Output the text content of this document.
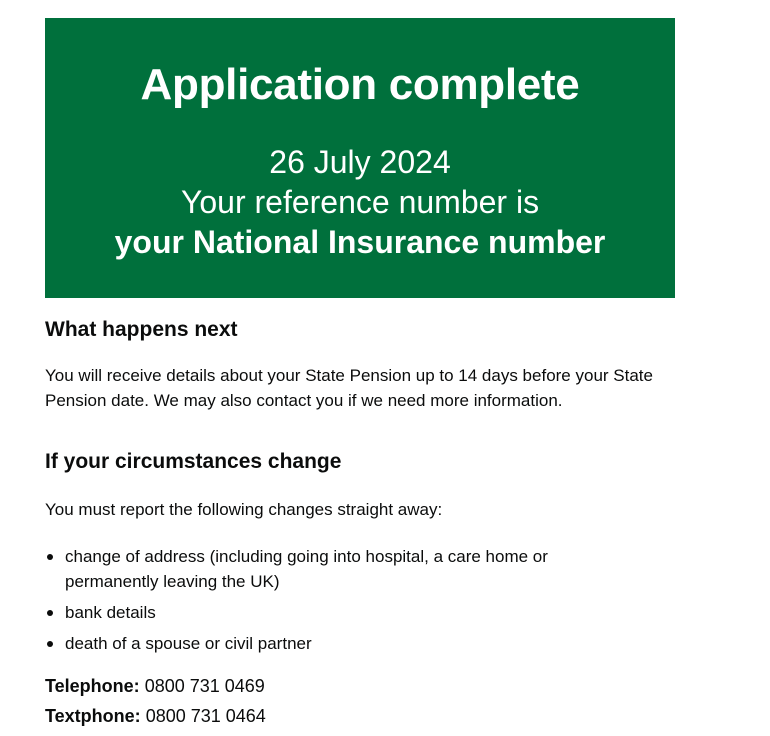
Application complete
26 July 2024
Your reference number is
your National Insurance number
What happens next

You will receive details about your State Pension up to 14 days before your State Pension date. We may also contact you if we need more information.

If your circumstances change

You must report the following changes straight away:

change of address (including going into hospital, a care home or permanently leaving the UK)
bank details
death of a spouse or civil partner

Telephone: 0800 731 0469

Textphone: 0800 731 0464
